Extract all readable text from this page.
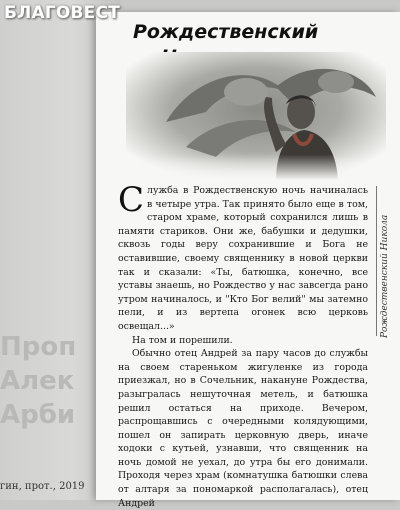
Проп
Алек
Арби
гин, прот., 2019
Рождественский

Служба в Рождественскую ночь начиналась в четыре утра. Так принято было еще в том, старом храме, который сохранился лишь в памяти стариков. Они же, бабушки и дедушки, сквозь годы веру сохранившие и Бога не оставившие, своему священнику в новой церкви так и сказали: «Ты, батюшка, конечно, все уставы знаешь, но Рождество у нас завсегда рано утром начиналось, и "Кто Бог велий" мы затемно пели, и из вертепа огонек всю церковь освещал...»

На том и порешили.

Обычно отец Андрей за пару часов до службы на своем стареньком жигуленке из города приезжал, но в Сочельник, накануне Рождества, разыгралась нешуточная метель, и батюшка решил остаться на приходе. Вечером, распрощавшись с очередными колядующими, пошел он запирать церковную дверь, иначе ходоки с кутьей, узнавши, что священник на ночь домой не уехал, до утра бы его донимали. Проходя через храм (комнатушка батюшки слева от алтаря за пономаркой располагалась), отец Андрей

Рождественский Никола
БЛАГОВЕСТ
